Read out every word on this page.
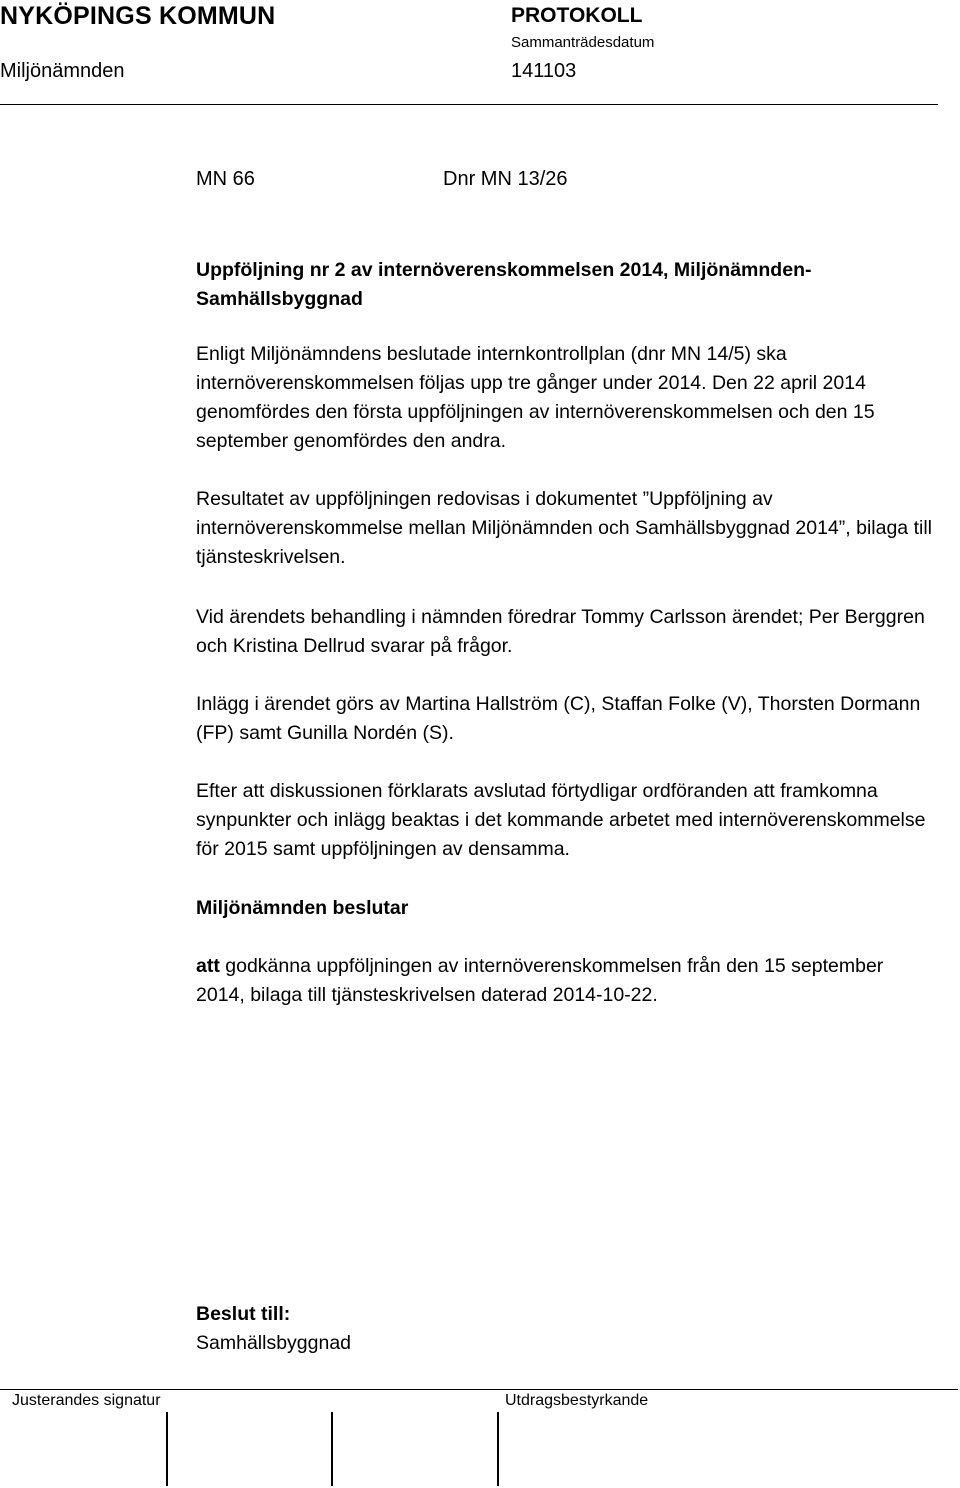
NYKÖPINGS KOMMUN	PROTOKOLL
Sammanträdesdatum
Miljönämnden	141103
MN 66	Dnr MN 13/26
Uppföljning nr 2 av internöverenskommelsen 2014, Miljönämnden-
Samhällsbyggnad
Enligt Miljönämndens beslutade internkontrollplan (dnr MN 14/5) ska internöverenskommelsen följas upp tre gånger under 2014. Den 22 april 2014 genomfördes den första uppföljningen av internöverenskommelsen och den 15 september genomfördes den andra.
Resultatet av uppföljningen redovisas i dokumentet ”Uppföljning av internöverenskommelse mellan Miljönämnden och Samhällsbyggnad 2014”, bilaga till tjänsteskrivelsen.
Vid ärendets behandling i nämnden föredrar Tommy Carlsson ärendet; Per Berggren och Kristina Dellrud svarar på frågor.
Inlägg i ärendet görs av Martina Hallström (C), Staffan Folke (V), Thorsten Dormann (FP) samt Gunilla Nordén (S).
Efter att diskussionen förklarats avslutad förtydligar ordföranden att framkomna synpunkter och inlägg beaktas i det kommande arbetet med internöverenskommelse för 2015 samt uppföljningen av densamma.
Miljönämnden beslutar
att godkänna uppföljningen av internöverenskommelsen från den 15 september 2014, bilaga till tjänsteskrivelsen daterad 2014-10-22.
Beslut till:
Samhällsbyggnad
Justerandes signatur	Utdragsbestyrkande
